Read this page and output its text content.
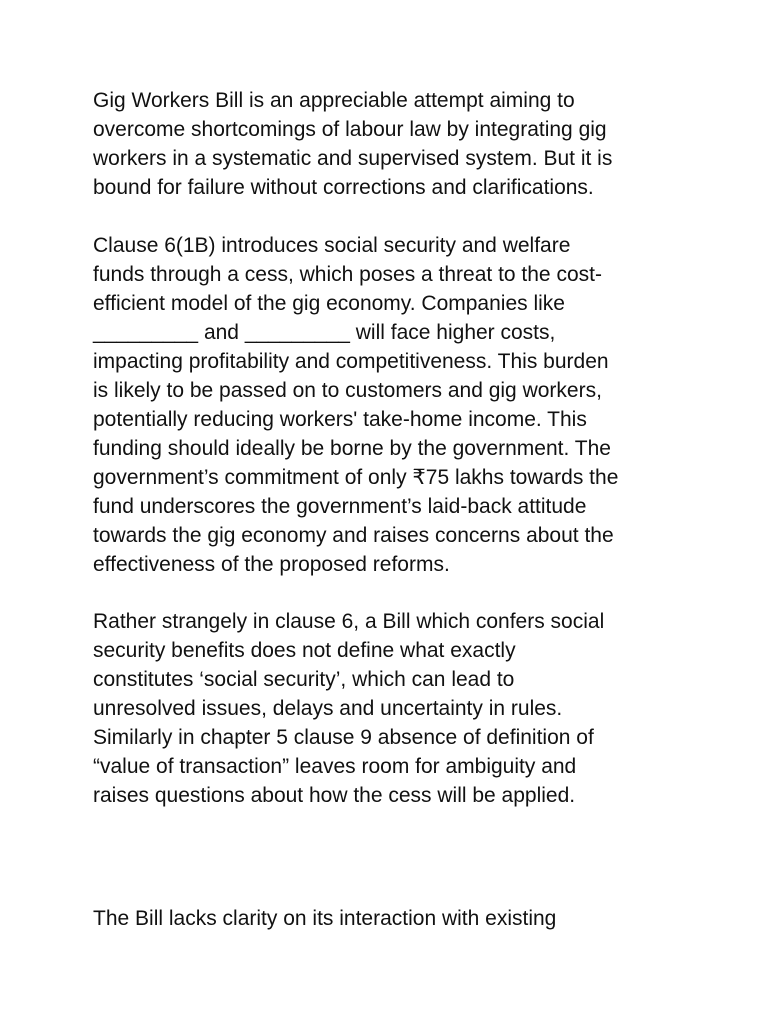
Gig Workers Bill is an appreciable attempt aiming to
overcome shortcomings of labour law by integrating gig
workers in a systematic and supervised system. But it is
bound for failure without corrections and clarifications.

Clause 6(1B) introduces social security and welfare
funds through a cess, which poses a threat to the cost-
efficient model of the gig economy. Companies like
_________ and _________ will face higher costs,
impacting profitability and competitiveness. This burden
is likely to be passed on to customers and gig workers,
potentially reducing workers' take-home income. This
funding should ideally be borne by the government. The
government’s commitment of only ₹75 lakhs towards the
fund underscores the government’s laid-back attitude
towards the gig economy and raises concerns about the
effectiveness of the proposed reforms.

Rather strangely in clause 6, a Bill which confers social
security benefits does not define what exactly
constitutes ‘social security’, which can lead to
unresolved issues, delays and uncertainty in rules.
Similarly in chapter 5 clause 9 absence of definition of
“value of transaction” leaves room for ambiguity and
raises questions about how the cess will be applied.

The Bill lacks clarity on its interaction with existing
